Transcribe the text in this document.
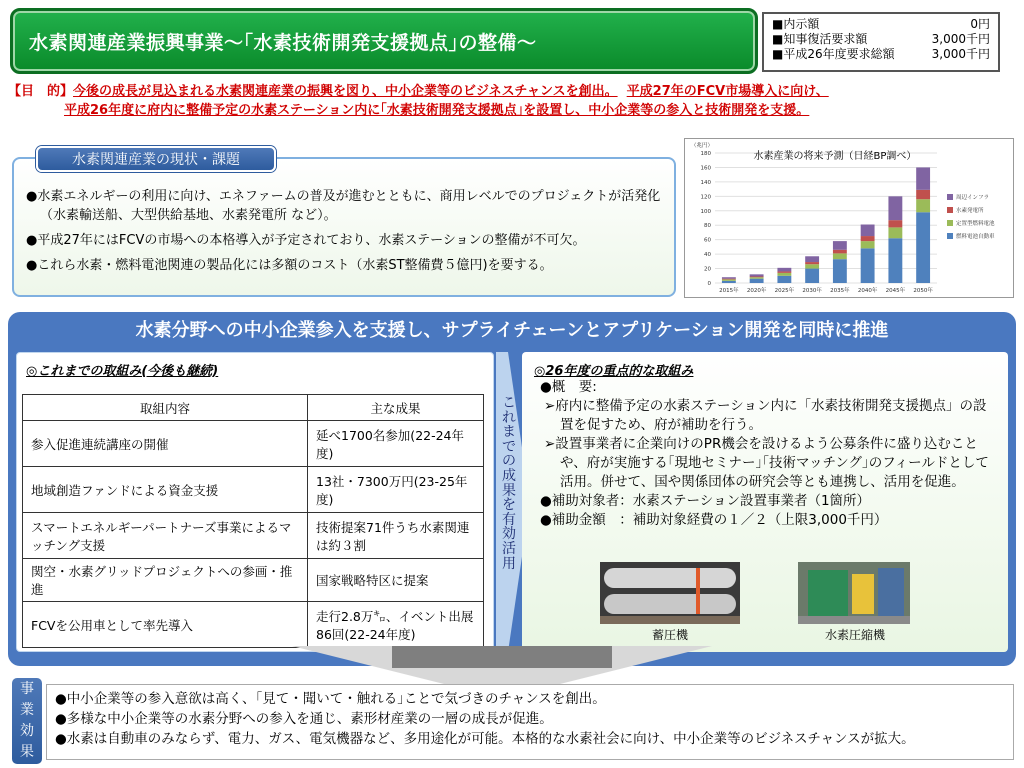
水素関連産業振興事業〜｢水素技術開発支援拠点｣の整備〜
■内示額	0円
■知事復活要求額	3,000千円
■平成26年度要求総額	3,000千円
【目　的】今後の成長が見込まれる水素関連産業の振興を図り、中小企業等のビジネスチャンスを創出。 平成27年のFCV市場導入に向け、
平成26年度に府内に整備予定の水素ステーション内に｢水素技術開発支援拠点｣を設置し、中小企業等の参入と技術開発を支援。
●水素エネルギーの利用に向け、エネファームの普及が進むとともに、商用レベルでのプロジェクトが活発化（水素輸送船、大型供給基地、水素発電所 など）。
●平成27年にはFCVの市場への本格導入が予定されており、水素ステーションの整備が不可欠。
●これら水素・燃料電池関連の製品化には多額のコスト（水素ST整備費５億円)を要する。
水素関連産業の現状・課題
0
20
40
60
80
100
120
140
160
180
（兆円）
水素産業の将来予測（日経BP調べ）
2015年 2020年 2025年 2030年 2035年 2040年 2045年 2050年
周辺インフラ
水素発電所
定置型燃料電池
燃料電池自動車
水素分野への中小企業参入を支援し、サプライチェーンとアプリケーション開発を同時に推進
◎これまでの取組み(今後も継続)
取組内容	主な成果
参入促進連続講座の開催	延べ1700名参加(22-24年度)
地域創造ファンドによる資金支援	13社・7300万円(23-25年度)
スマートエネルギーパートナーズ事業によるマッチング支援	技術提案71件うち水素関連は約３割
関空・水素グリッドプロジェクトへの参画・推進	国家戦略特区に提案
FCVを公用車として率先導入	走行2.8万㌔、イベント出展86回(22-24年度)
これまでの成果を有効活用
●概　要:
➢府内に整備予定の水素ステーション内に「水素技術開発支援拠点」の設置を促すため、府が補助を行う。
➢設置事業者に企業向けのPR機会を設けるよう公募条件に盛り込むことや、府が実施する｢現地セミナー｣｢技術マッチング｣のフィールドとして活用。併せて、国や関係団体の研究会等とも連携し、活用を促進。
●補助対象者：水素ステーション設置事業者（1箇所）
●補助金額　：補助対象経費の１／２（上限3,000千円）
◎26年度の重点的な取組み
蓄圧機	水素圧縮機
事業効果
●中小企業等の参入意欲は高く、｢見て・聞いて・触れる｣ことで気づきのチャンスを創出。
●多様な中小企業等の水素分野への参入を通じ、素形材産業の一層の成長が促進。
●水素は自動車のみならず、電力、ガス、電気機器など、多用途化が可能。本格的な水素社会に向け、中小企業等のビジネスチャンスが拡大。
